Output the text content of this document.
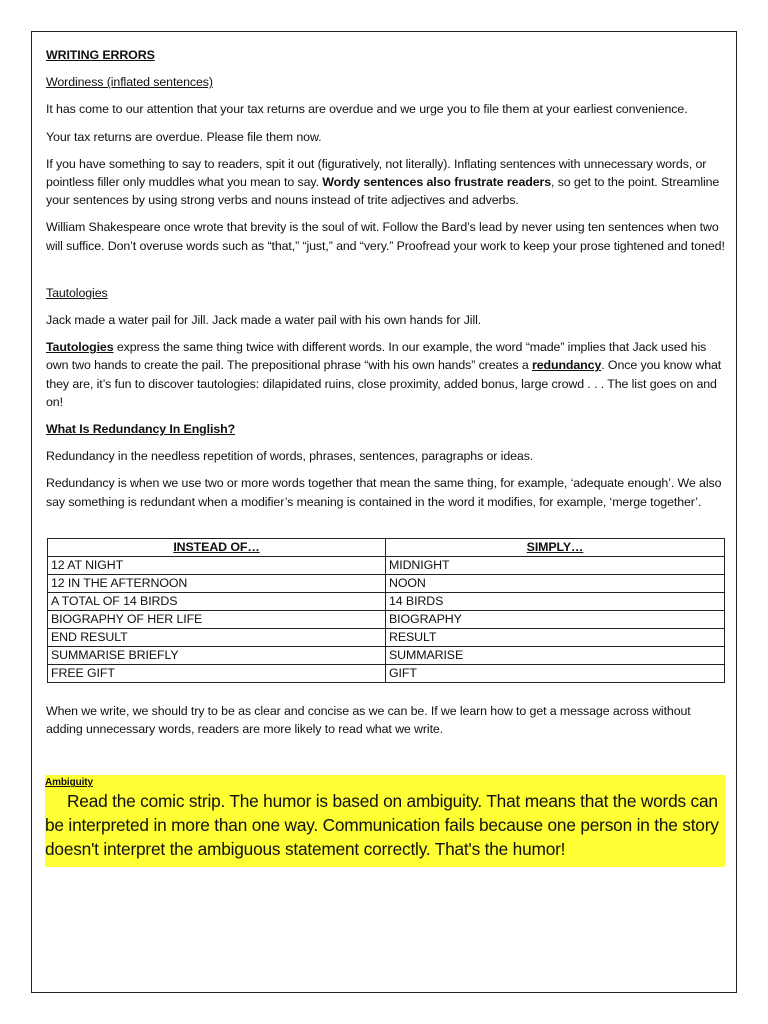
WRITING ERRORS

Wordiness (inflated sentences)

It has come to our attention that your tax returns are overdue and we urge you to file them at your earliest convenience.

Your tax returns are overdue. Please file them now.

If you have something to say to readers, spit it out (figuratively, not literally). Inflating sentences with unnecessary words, or pointless filler only muddles what you mean to say. Wordy sentences also frustrate readers, so get to the point. Streamline your sentences by using strong verbs and nouns instead of trite adjectives and adverbs.

William Shakespeare once wrote that brevity is the soul of wit. Follow the Bard’s lead by never using ten sentences when two will suffice. Don’t overuse words such as “that,” “just,” and “very.” Proofread your work to keep your prose tightened and toned!

Tautologies

Jack made a water pail for Jill. Jack made a water pail with his own hands for Jill.

Tautologies express the same thing twice with different words. In our example, the word “made” implies that Jack used his own two hands to create the pail. The prepositional phrase “with his own hands” creates a redundancy. Once you know what they are, it’s fun to discover tautologies: dilapidated ruins, close proximity, added bonus, large crowd . . . The list goes on and on!

What Is Redundancy In English?

Redundancy in the needless repetition of words, phrases, sentences, paragraphs or ideas.

Redundancy is when we use two or more words together that mean the same thing, for example, ‘adequate enough’. We also say something is redundant when a modifier’s meaning is contained in the word it modifies, for example, ‘merge together’.

INSTEAD OF…	SIMPLY…
12 AT NIGHT	MIDNIGHT
12 IN THE AFTERNOON	NOON
A TOTAL OF 14 BIRDS	14 BIRDS
BIOGRAPHY OF HER LIFE	BIOGRAPHY
END RESULT	RESULT
SUMMARISE BRIEFLY	SUMMARISE
FREE GIFT	GIFT

When we write, we should try to be as clear and concise as we can be. If we learn how to get a message across without adding unnecessary words, readers are more likely to read what we write.

Ambiguity
Read the comic strip. The humor is based on ambiguity. That means that the words can be interpreted in more than one way. Communication fails because one person in the story doesn't interpret the ambiguous statement correctly. That's the humor!
